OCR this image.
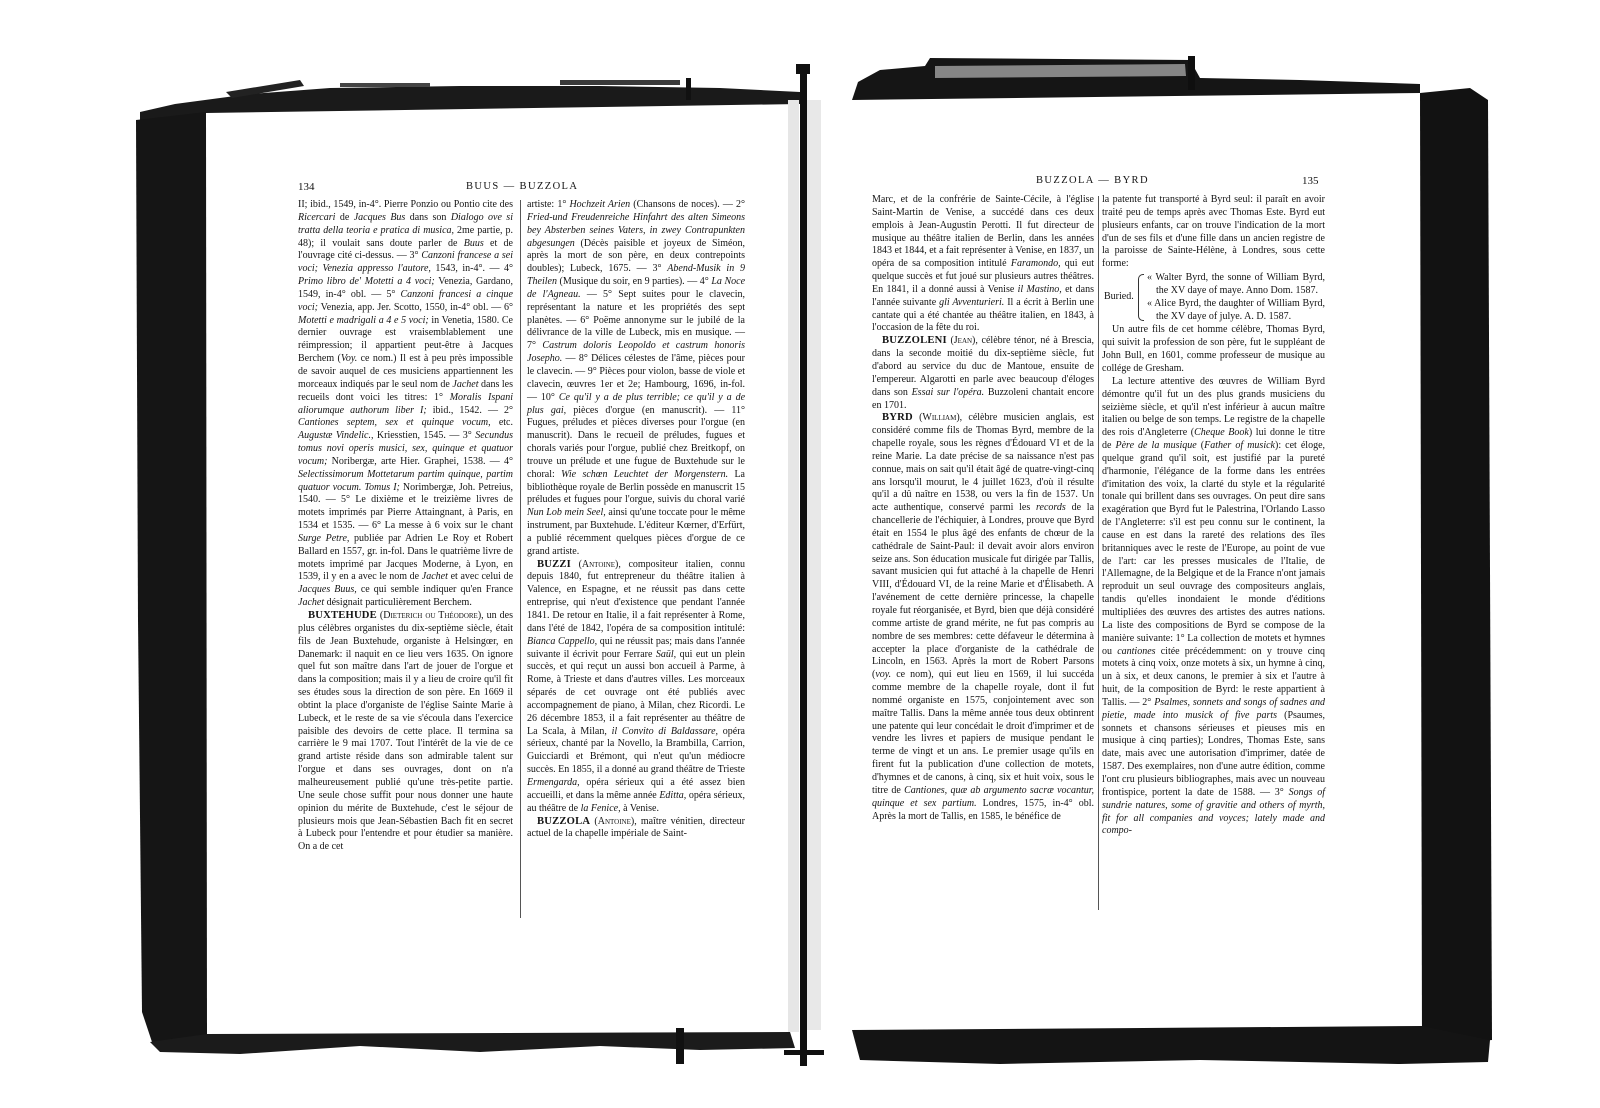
134	BUUS — BUZZOLA

II; ibid., 1549, in-4°. Pierre Ponzio ou Pontio cite des Ricercari de Jacques Bus dans son Dialogo ove si tratta della teoria e pratica di musica, 2me partie, p. 48); il voulait sans doute parler de Buus et de l'ouvrage cité ci-dessus. — 3° Canzoni francese a sei voci; Venezia appresso l'autore, 1543, in-4°. — 4° Primo libro de' Motetti a 4 voci; Venezia, Gardano, 1549, in-4° obl. — 5° Canzoni francesi a cinque voci; Venezia, app. Jer. Scotto, 1550, in-4° obl. — 6° Motetti e madrigali a 4 e 5 voci; in Venetia, 1580. Ce dernier ouvrage est vraisemblablement une réimpression; il appartient peut-être à Jacques Berchem (Voy. ce nom.) Il est à peu près impossible de savoir auquel de ces musiciens appartiennent les morceaux indiqués par le seul nom de Jachet dans les recueils dont voici les titres: 1° Moralis Ispani aliorumque authorum liber I; ibid., 1542. — 2° Cantiones septem, sex et quinque vocum, etc. Augustæ Vindelic., Kriesstien, 1545. — 3° Secundus tomus novi operis musici, sex, quinque et quatuor vocum; Noribergæ, arte Hier. Graphei, 1538. — 4° Selectissimorum Mottetarum partim quinque, partim quatuor vocum. Tomus I; Norimbergæ, Joh. Petreius, 1540. — 5° Le dixième et le treizième livres de motets imprimés par Pierre Attaingnant, à Paris, en 1534 et 1535. — 6° La messe à 6 voix sur le chant Surge Petre, publiée par Adrien Le Roy et Robert Ballard en 1557, gr. in-fol. Dans le quatrième livre de motets imprimé par Jacques Moderne, à Lyon, en 1539, il y en a avec le nom de Jachet et avec celui de Jacques Buus, ce qui semble indiquer qu'en France Jachet désignait particulièrement Berchem.

BUXTEHUDE (Dieterich ou Théodore), un des plus célèbres organistes du dix-septième siècle, était fils de Jean Buxtehude, organiste à Helsingœr, en Danemark: il naquit en ce lieu vers 1635. On ignore quel fut son maître dans l'art de jouer de l'orgue et dans la composition; mais il y a lieu de croire qu'il fit ses études sous la direction de son père. En 1669 il obtint la place d'organiste de l'église Sainte Marie à Lubeck, et le reste de sa vie s'écoula dans l'exercice paisible des devoirs de cette place. Il termina sa carrière le 9 mai 1707. Tout l'intérêt de la vie de ce grand artiste réside dans son admirable talent sur l'orgue et dans ses ouvrages, dont on n'a malheureusement publié qu'une très-petite partie. Une seule chose suffit pour nous donner une haute opinion du mérite de Buxtehude, c'est le séjour de plusieurs mois que Jean-Sébastien Bach fit en secret à Lubeck pour l'entendre et pour étudier sa manière. On a de cet

artiste: 1° Hochzeit Arien (Chansons de noces). — 2° Fried-und Freudenreiche Hinfahrt des alten Simeons bey Absterben seines Vaters, in zwey Contrapunkten abgesungen (Décès paisible et joyeux de Siméon, après la mort de son père, en deux contrepoints doubles); Lubeck, 1675. — 3° Abend-Musik in 9 Theilen (Musique du soir, en 9 parties). — 4° La Noce de l'Agneau. — 5° Sept suites pour le clavecin, représentant la nature et les propriétés des sept planètes. — 6° Poëme annonyme sur le jubilé de la délivrance de la ville de Lubeck, mis en musique. — 7° Castrum doloris Leopoldo et castrum honoris Josepho. — 8° Délices célestes de l'âme, pièces pour le clavecin. — 9° Pièces pour violon, basse de viole et clavecin, œuvres 1er et 2e; Hambourg, 1696, in-fol. — 10° Ce qu'il y a de plus terrible; ce qu'il y a de plus gai, pièces d'orgue (en manuscrit). — 11° Fugues, préludes et pièces diverses pour l'orgue (en manuscrit). Dans le recueil de préludes, fugues et chorals variés pour l'orgue, publié chez Breitkopf, on trouve un prélude et une fugue de Buxtehude sur le choral: Wie schœn Leuchtet der Morgenstern. La bibliothèque royale de Berlin possède en manuscrit 15 préludes et fugues pour l'orgue, suivis du choral varié Nun Lob mein Seel, ainsi qu'une toccate pour le même instrument, par Buxtehude. L'éditeur Kœrner, d'Erfürt, a publié récemment quelques pièces d'orgue de ce grand artiste.

BUZZI (Antoine), compositeur italien, connu depuis 1840, fut entrepreneur du théâtre italien à Valence, en Espagne, et ne réussit pas dans cette entreprise, qui n'eut d'existence que pendant l'année 1841. De retour en Italie, il a fait représenter à Rome, dans l'été de 1842, l'opéra de sa composition intitulé: Bianca Cappello, qui ne réussit pas; mais dans l'année suivante il écrivit pour Ferrare Saül, qui eut un plein succès, et qui reçut un aussi bon accueil à Parme, à Rome, à Trieste et dans d'autres villes. Les morceaux séparés de cet ouvrage ont été publiés avec accompagnement de piano, à Milan, chez Ricordi. Le 26 décembre 1853, il a fait représenter au théâtre de La Scala, à Milan, il Convito di Baldassare, opéra sérieux, chanté par la Novello, la Brambilla, Carrion, Guicciardi et Brémont, qui n'eut qu'un médiocre succès. En 1855, il a donné au grand théâtre de Trieste Ermengarda, opéra sérieux qui a été assez bien accueilli, et dans la même année Editta, opéra sérieux, au théâtre de la Fenice, à Venise.

BUZZOLA (Antoine), maître vénitien, directeur actuel de la chapelle impériale de Saint-

BUZZOLA — BYRD	135

Marc, et de la confrérie de Sainte-Cécile, à l'église Saint-Martin de Venise, a succédé dans ces deux emplois à Jean-Augustin Perotti. Il fut directeur de musique au théâtre italien de Berlin, dans les années 1843 et 1844, et a fait représenter à Venise, en 1837, un opéra de sa composition intitulé Faramondo, qui eut quelque succès et fut joué sur plusieurs autres théâtres. En 1841, il a donné aussi à Venise il Mastino, et dans l'année suivante gli Avventurieri. Il a écrit à Berlin une cantate qui a été chantée au théâtre italien, en 1843, à l'occasion de la fête du roi.

BUZZOLENI (Jean), célèbre ténor, né à Brescia, dans la seconde moitié du dix-septième siècle, fut d'abord au service du duc de Mantoue, ensuite de l'empereur. Algarotti en parle avec beaucoup d'éloges dans son Essai sur l'opéra. Buzzoleni chantait encore en 1701.

BYRD (William), célèbre musicien anglais, est considéré comme fils de Thomas Byrd, membre de la chapelle royale, sous les règnes d'Édouard VI et de la reine Marie. La date précise de sa naissance n'est pas connue, mais on sait qu'il était âgé de quatre-vingt-cinq ans lorsqu'il mourut, le 4 juillet 1623, d'où il résulte qu'il a dû naître en 1538, ou vers la fin de 1537. Un acte authentique, conservé parmi les records de la chancellerie de l'échiquier, à Londres, prouve que Byrd était en 1554 le plus âgé des enfants de chœur de la cathédrale de Saint-Paul: il devait avoir alors environ seize ans. Son éducation musicale fut dirigée par Tallis, savant musicien qui fut attaché à la chapelle de Henri VIII, d'Édouard VI, de la reine Marie et d'Élisabeth. A l'avénement de cette dernière princesse, la chapelle royale fut réorganisée, et Byrd, bien que déjà considéré comme artiste de grand mérite, ne fut pas compris au nombre de ses membres: cette défaveur le détermina à accepter la place d'organiste de la cathédrale de Lincoln, en 1563. Après la mort de Robert Parsons (voy. ce nom), qui eut lieu en 1569, il lui succéda comme membre de la chapelle royale, dont il fut nommé organiste en 1575, conjointement avec son maître Tallis. Dans la même année tous deux obtinrent une patente qui leur concédait le droit d'imprimer et de vendre les livres et papiers de musique pendant le terme de vingt et un ans. Le premier usage qu'ils en firent fut la publication d'une collection de motets, d'hymnes et de canons, à cinq, six et huit voix, sous le titre de Cantiones, quæ ab argumento sacræ vocantur, quinque et sex partium. Londres, 1575, in-4° obl. Après la mort de Tallis, en 1585, le bénéfice de

la patente fut transporté à Byrd seul: il paraît en avoir traité peu de temps après avec Thomas Este. Byrd eut plusieurs enfants, car on trouve l'indication de la mort d'un de ses fils et d'une fille dans un ancien registre de la paroisse de Sainte-Hélène, à Londres, sous cette forme:

Buried.

« Walter Byrd, the sonne of William Byrd, the XV daye of maye. Anno Dom. 1587.

« Alice Byrd, the daughter of William Byrd, the XV daye of julye. A. D. 1587.

Un autre fils de cet homme célèbre, Thomas Byrd, qui suivit la profession de son père, fut le suppléant de John Bull, en 1601, comme professeur de musique au collége de Gresham.

La lecture attentive des œuvres de William Byrd démontre qu'il fut un des plus grands musiciens du seizième siècle, et qu'il n'est inférieur à aucun maître italien ou belge de son temps. Le registre de la chapelle des rois d'Angleterre (Cheque Book) lui donne le titre de Père de la musique (Father of musick): cet éloge, quelque grand qu'il soit, est justifié par la pureté d'harmonie, l'élégance de la forme dans les entrées d'imitation des voix, la clarté du style et la régularité tonale qui brillent dans ses ouvrages. On peut dire sans exagération que Byrd fut le Palestrina, l'Orlando Lasso de l'Angleterre: s'il est peu connu sur le continent, la cause en est dans la rareté des relations des îles britanniques avec le reste de l'Europe, au point de vue de l'art: car les presses musicales de l'Italie, de l'Allemagne, de la Belgique et de la France n'ont jamais reproduit un seul ouvrage des compositeurs anglais, tandis qu'elles inondaient le monde d'éditions multipliées des œuvres des artistes des autres nations. La liste des compositions de Byrd se compose de la manière suivante: 1° La collection de motets et hymnes ou cantiones citée précédemment: on y trouve cinq motets à cinq voix, onze motets à six, un hymne à cinq, un à six, et deux canons, le premier à six et l'autre à huit, de la composition de Byrd: le reste appartient à Tallis. — 2° Psalmes, sonnets and songs of sadnes and pietie, made into musick of five parts (Psaumes, sonnets et chansons sérieuses et pieuses mis en musique à cinq parties); Londres, Thomas Este, sans date, mais avec une autorisation d'imprimer, datée de 1587. Des exemplaires, non d'une autre édition, comme l'ont cru plusieurs bibliographes, mais avec un nouveau frontispice, portent la date de 1588. — 3° Songs of sundrie natures, some of gravitie and others of myrth, fit for all companies and voyces; lately made and compo-
